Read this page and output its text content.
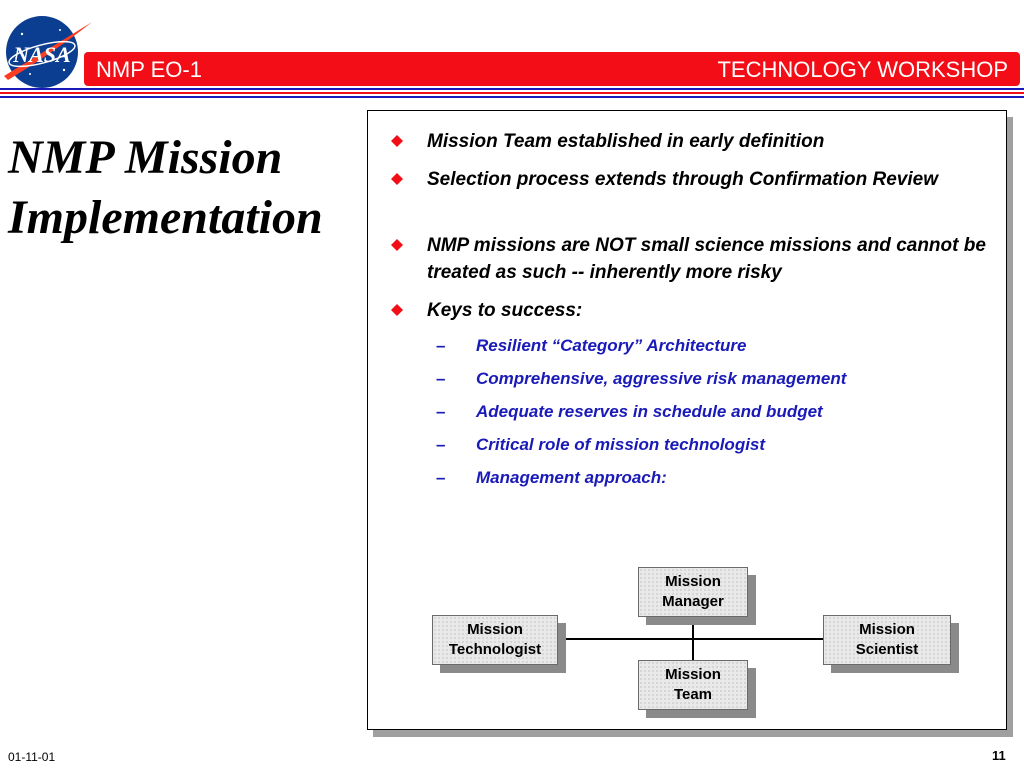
NASA
NMP EO-1	TECHNOLOGY WORKSHOP
NMP Mission
Implementation
Mission Team established in early definition
Selection process extends through Confirmation Review
NMP missions are NOT small science missions and cannot be treated as such -- inherently more risky
Keys to success:
– Resilient “Category” Architecture
– Comprehensive, aggressive risk management
– Adequate reserves in schedule and budget
– Critical role of mission technologist
– Management approach:
Mission
Manager
Mission
Technologist
Mission
Scientist
Mission
Team
01-11-01	11
